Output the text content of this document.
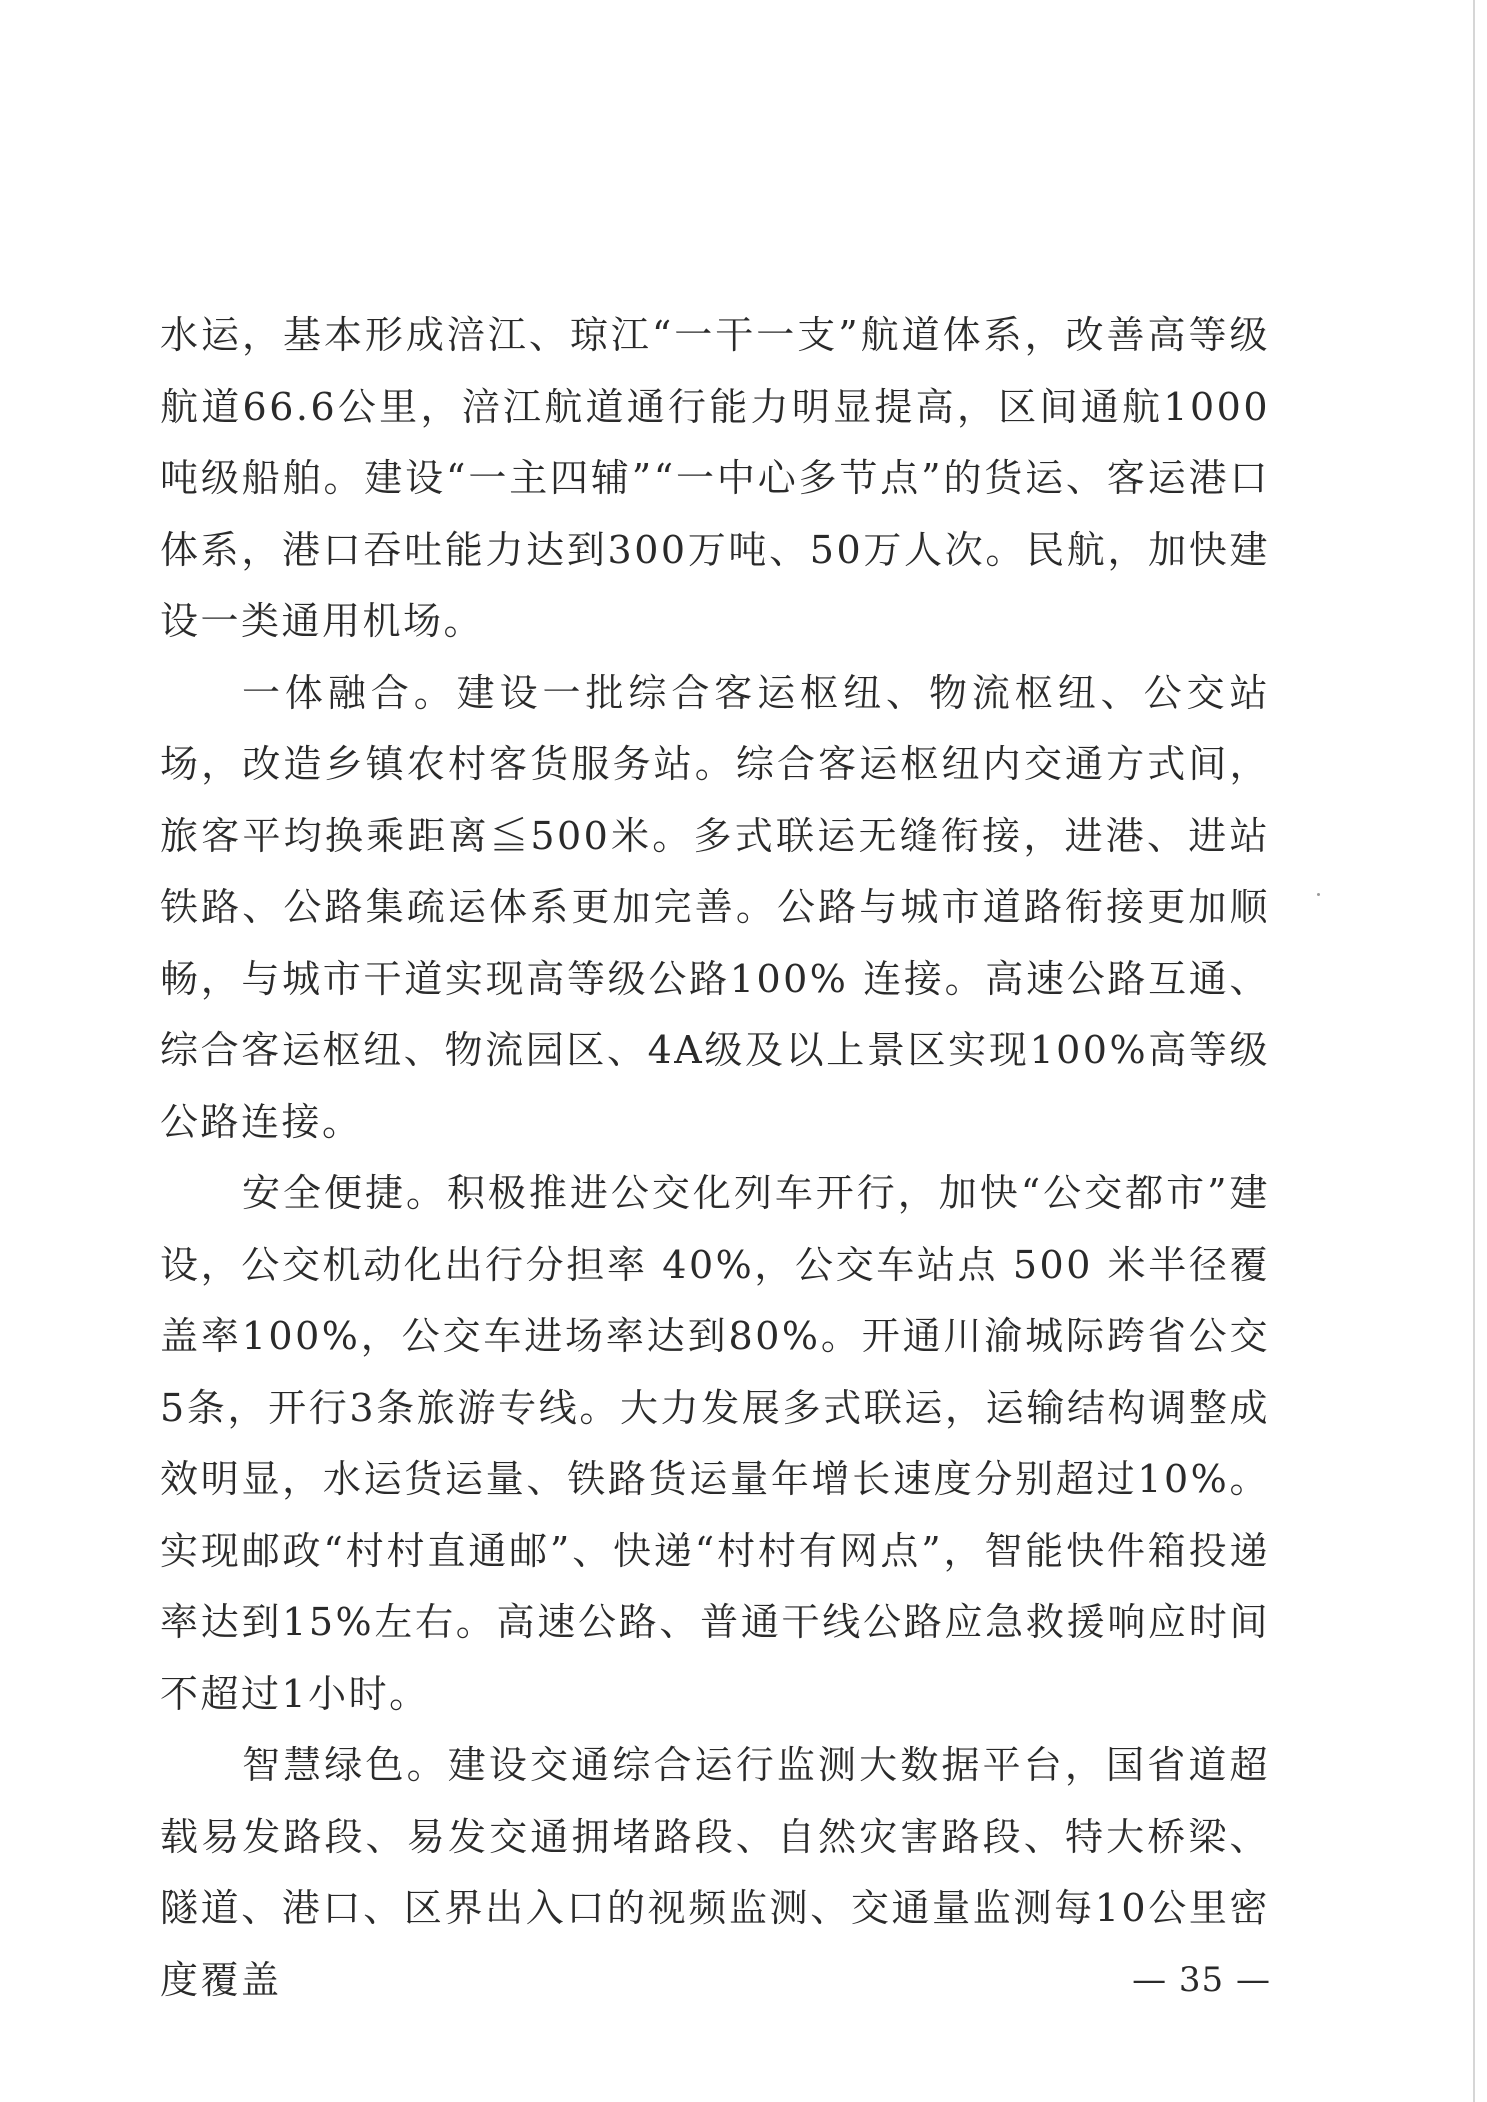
水运，基本形成涪江、琼江“一干一支”航道体系，改善高等级航道66.6公里，涪江航道通行能力明显提高，区间通航1000吨级船舶。建设“一主四辅”“一中心多节点”的货运、客运港口体系，港口吞吐能力达到300万吨、50万人次。民航，加快建设一类通用机场。

一体融合。建设一批综合客运枢纽、物流枢纽、公交站场，改造乡镇农村客货服务站。综合客运枢纽内交通方式间，旅客平均换乘距离≦500米。多式联运无缝衔接，进港、进站铁路、公路集疏运体系更加完善。公路与城市道路衔接更加顺畅，与城市干道实现高等级公路100% 连接。高速公路互通、综合客运枢纽、物流园区、4A级及以上景区实现100%高等级公路连接。

安全便捷。积极推进公交化列车开行，加快“公交都市”建设，公交机动化出行分担率 40%，公交车站点 500 米半径覆盖率100%，公交车进场率达到80%。开通川渝城际跨省公交5条，开行3条旅游专线。大力发展多式联运，运输结构调整成效明显，水运货运量、铁路货运量年增长速度分别超过10%。实现邮政“村村直通邮”、快递“村村有网点”，智能快件箱投递率达到15%左右。高速公路、普通干线公路应急救援响应时间不超过1小时。

智慧绿色。建设交通综合运行监测大数据平台，国省道超载易发路段、易发交通拥堵路段、自然灾害路段、特大桥梁、隧道、港口、区界出入口的视频监测、交通量监测每10公里密度覆盖	— 35 —
